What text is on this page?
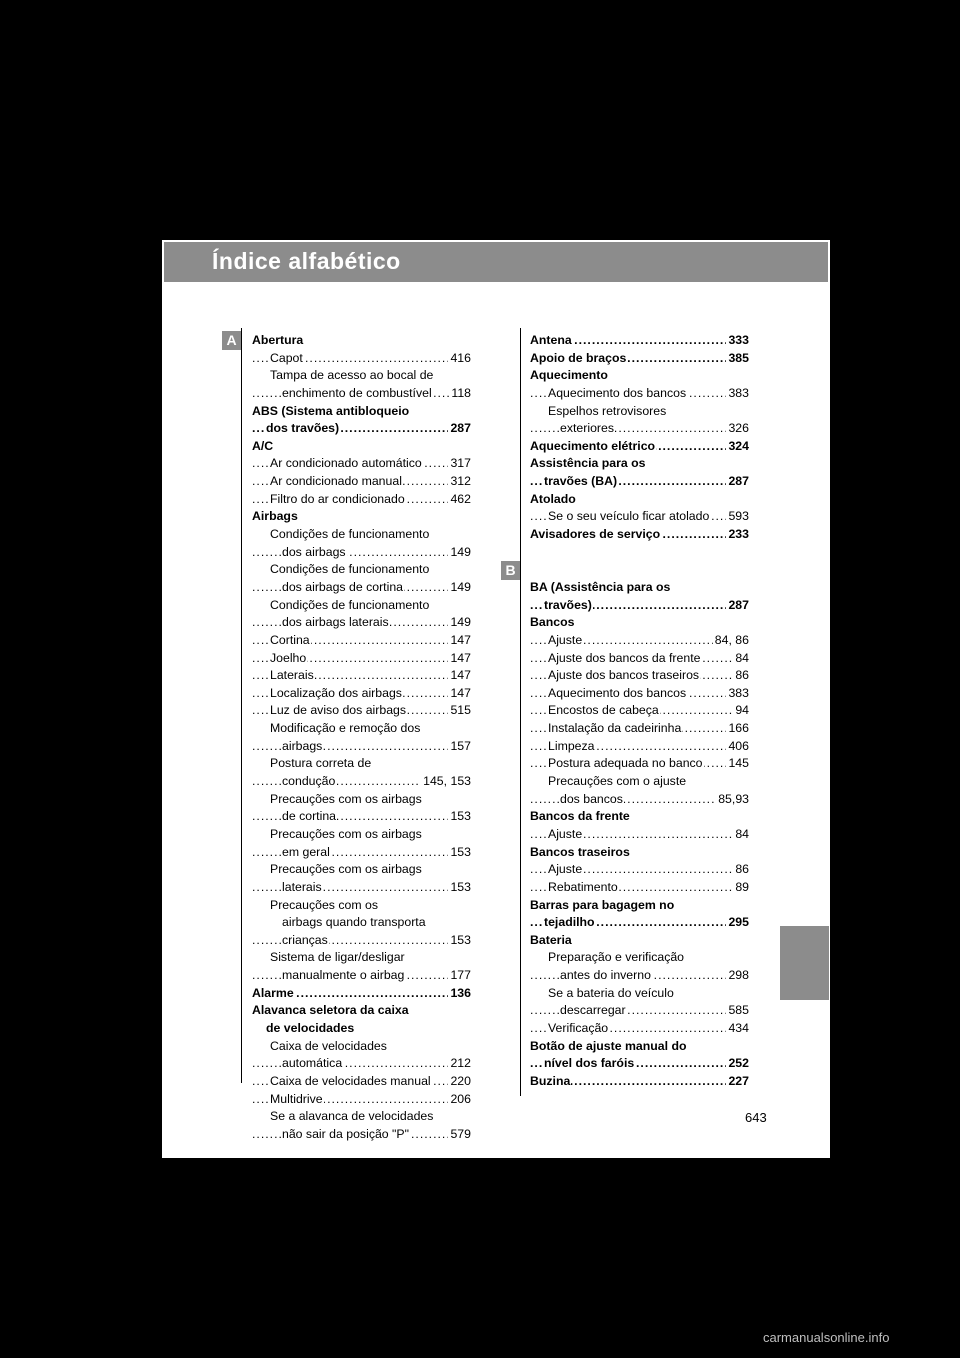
Índice alfabético
A
B
Abertura
..... Capot	416
Tampa de acesso ao bocal de
..... enchimento de combustível 118
ABS (Sistema antibloqueio
..... dos travões)	287
A/C
..... Ar condicionado automático 317
..... Ar condicionado manual	312
..... Filtro do ar condicionado	462
Airbags
Condições de funcionamento
..... dos airbags	149
Condições de funcionamento
..... dos airbags de cortina	149
Condições de funcionamento
..... dos airbags laterais	149
..... Cortina	147
..... Joelho	147
..... Laterais	147
..... Localização dos airbags	147
..... Luz de aviso dos airbags	515
Modificação e remoção dos
..... airbags	157
Postura correta de
..... condução	145, 153
Precauções com os airbags
..... de cortina	153
Precauções com os airbags
..... em geral	153
Precauções com os airbags
..... laterais	153
Precauções com os
airbags quando transporta
..... crianças	153
Sistema de ligar/desligar
..... manualmente o airbag	177
..... Alarme	136
Alavanca seletora da caixa
de velocidades
Caixa de velocidades
..... automática	212
..... Caixa de velocidades manual 220
..... Multidrive	206
Se a alavanca de velocidades
..... não sair da posição "P"	579
..... Antena	333
..... Apoio de braços	385
Aquecimento
..... Aquecimento dos bancos	383
Espelhos retrovisores
..... exteriores	326
..... Aquecimento elétrico	324
Assistência para os
..... travões (BA)	287
Atolado
..... Se o seu veículo ficar atolado 593
..... Avisadores de serviço	233
BA (Assistência para os
..... travões)	287
Bancos
..... Ajuste	84, 86
..... Ajuste dos bancos da frente	84
..... Ajuste dos bancos traseiros	86
..... Aquecimento dos bancos	383
..... Encostos de cabeça	94
..... Instalação da cadeirinha	166
..... Limpeza	406
..... Postura adequada no banco 145
Precauções com o ajuste
..... dos bancos	85,93
Bancos da frente
..... Ajuste	84
Bancos traseiros
..... Ajuste	86
..... Rebatimento	89
Barras para bagagem no
..... tejadilho	295
Bateria
Preparação e verificação
..... antes do inverno	298
Se a bateria do veículo
..... descarregar	585
..... Verificação	434
Botão de ajuste manual do
..... nível dos faróis	252
..... Buzina	227
643
carmanualsonline.info
